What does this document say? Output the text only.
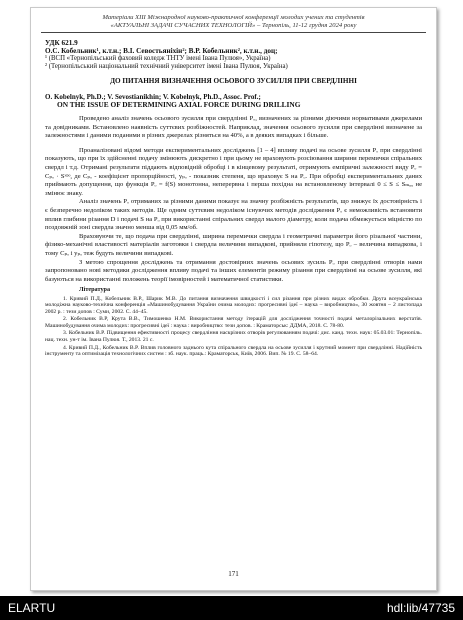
Матеріали ХІІІ Міжнародної науково-практичної конференції молодих учених та студентів
«АКТУАЛЬНІ ЗАДАЧІ СУЧАСНИХ ТЕХНОЛОГІЙ» – Тернопіль, 11-12 грудня 2024 року
УДК 621.9
О.С. Кобельник¹, к.т.н.; В.І. Севостьяніхін²; В.Р. Кобельник², к.т.н., доц;
¹ (ВСП «Тернопільський фаховий коледж ТНТУ імені Івана Пулюя», Україна)
² (Тернопільський національний технічний університет імені Івана Пулюя, Україна)
ДО ПИТАННЯ ВИЗНАЧЕННЯ ОСЬОВОГО ЗУСИЛЛЯ ПРИ СВЕРДЛІННІ
O. Kobelnyk, Ph.D.; V. Sevostianikhin; V. Kobelnyk, Ph.D., Assoc. Prof.;
ON THE ISSUE OF DETERMINING AXIAL FORCE DURING DRILLING

Проведено аналіз значень осьового зусилля при свердлінні Pₒ, визначених за різними діючими нормативами джерелами та довідниками. Встановлено наявність суттєвих розбіжностей. Наприклад, значення осьового зусилля при свердлінні визначене за залежностями і даними поданими в різних джерелах різняться на 40%, а в деяких випадках і більше.

Проаналізовані відомі методи експериментальних досліджень [1 – 4] впливу подачі на осьове зусилля Pₒ при свердлінні показують, що при їх здійсненні подачу змінюють дискретно і при цьому не враховують розсіювання ширини перемички спіральних свердл і т.д. Отримані результати піддають відповідній обробці і в кінцевому результаті, отримують емпіричні залежності виду Pₒ = Cₚₒ · Sʸᵖᵒ, де Cₚₒ - коефіцієнт пропорційності, yₚₒ - показник степеня, що враховує S на Pₒ. При обробці експериментальних даних приймають допущення, що функція Pₒ = f(S) монотонна, неперервна і перша похідна на встановленому інтервалі 0 ≤ S ≤ Sₘₐₓ не змінює знаку.

Аналіз значень Pₒ отриманих за різними даними показує на значну розбіжність результатів, що знижує їх достовірність і є безперечно недоліком таких методів. Ще одним суттєвим недоліком існуючих методів дослідження Pₒ є неможливість встановити вплив глибини різання D і подачі S на Pₒ при використанні спіральних свердл малого діаметру, коли подача обмежується міцністю по поздовжній зоні свердла значно менша від 0,05 мм/об.

Враховуючи те, що подача при свердлінні, ширина перемички свердла і геометричні параметри його різальної частини, фізико-механічні властивості матеріалів заготовки і свердла величини випадкові, прийняли гіпотезу, що Pₒ – величина випадкова, і тому Cₚₒ і yₚₒ теж будуть величини випадкові.

З метою спрощення досліджень та отримання достовірних значень осьових зусиль Pₒ при свердлінні отворів нами запропоновано нові методики дослідження впливу подачі та інших елементів режиму різання при свердлінні на осьове зусилля, які базуються на використанні положень теорії імовірностей і математичної статистики.

Література

1. Кривий П.Д., Кобельник В.Р., Шарик М.В. До питання визначення швидкості і сил різання при різних видах обробки. Друга всеукраїнська молодіжна науково-технічна конференція «Машинобудування України очима молодих: прогресивні ідеї – наука – виробництво», 30 жовтня – 2 листопада 2002 р. : тези допов : Суми, 2002. С. 44–45.

2. Кобельник В.Р, Крута В.В., Тимошенко Н.М. Використання методу ітерацій для дослідження точності подачі металорізальних верстатів. Машинобудування очима молодих: прогресивні ідеї : наука : виробництво: тези допов. : Краматорськ: ДДМА, 2018. С. 78-80.

3. Кобельник В.Р. Підвищення ефективності процесу свердління наскрізних отворів регулюванням подачі: дис. канд. техн. наук: 05.03.01: Тернопіль. нац. техн. ун-т ім. Івана Пулюя. Т., 2013. 21 с.

4. Кривий П.Д., Кобельник В.Р. Вплив головного заднього кута спірального свердла на осьове зусилля і крутний момент при свердлінні. Надійність інструменту та оптимізація технологічних систем : зб. наук. праць.: Краматорськ, Київ, 2006. Вип. № 19. С. 58–64.

171
ELARTU	hdl:lib/47735
